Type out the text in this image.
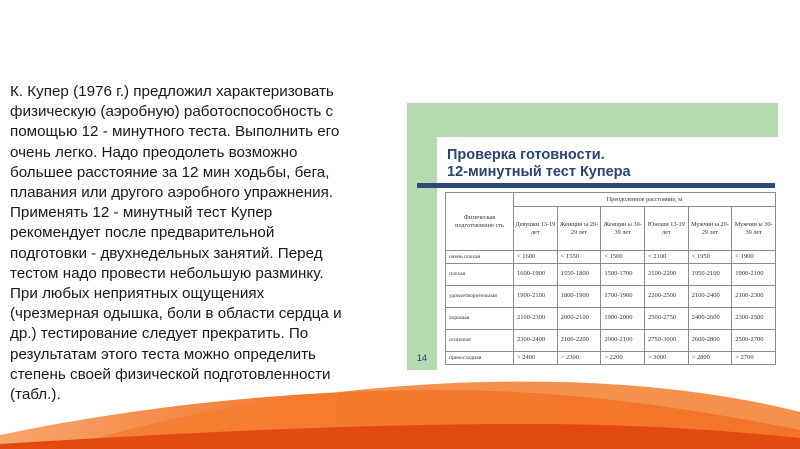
К. Купер (1976 г.) предложил характеризовать
физическую (аэробную) работоспособность с
помощью 12 - минутного теста. Выполнить его
очень легко. Надо преодолеть возможно
большее расстояние за 12 мин ходьбы, бега,
плавания или другого аэробного упражнения.
Применять 12 - минутный тест Купер
рекомендует после предварительной
подготовки - двухнедельных занятий. Перед
тестом надо провести небольшую разминку.
При любых неприятных ощущениях
(чрезмерная одышка, боли в области сердца и
др.) тестирование следует прекратить. По
результатам этого теста можно определить
степень своей физической подготовленности
(табл.).
Проверка готовности.
12-минутный тест Купера
14
Физическая подготовленно сть	Преодоленное расстояние, м					
	Девушки 13-19 лет	Женщин ы 20-29 лет	Женщин ы 30-39 лет	Юноши 13-19 лет	Мужчин ы 20-29 лет	Мужчин ы 30-39 лет
очень плохая	< 1600	< 1550	< 1500	< 2100	< 1950	< 1900
плохая	1600-1900	1550-1800	1500-1700	2100-2200	1950-2100	1900-2100
удовлетворительная	1900-2100	1800-1900	1700-1900	2200-2500	2100-2400	2100-2300
хорошая	2100-2300	2000-2100	1900-2000	2500-2750	2400-2600	2300-2500
отличная	2300-2400	2100-2200	2000-2100	2750-3000	2600-2800	2500-2700
превосходная	> 2400	> 2300	> 2200	> 3000	> 2800	> 2700
